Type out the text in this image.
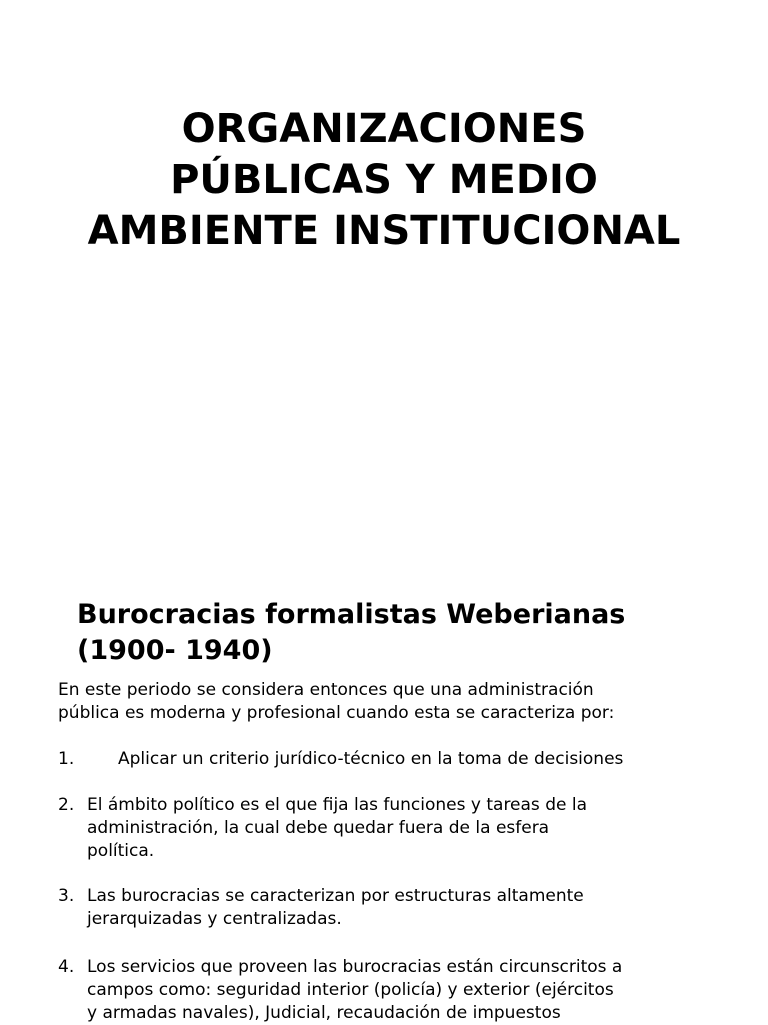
ORGANIZACIONES
PÚBLICAS Y MEDIO
AMBIENTE INSTITUCIONAL
Burocracias formalistas Weberianas
(1900- 1940)

En este periodo se considera entonces que una administración
pública es moderna y profesional cuando esta se caracteriza por:

1.	Aplicar un criterio jurídico-técnico en la toma de decisiones
2. El ámbito político es el que fija las funciones y tareas de la
administración, la cual debe quedar fuera de la esfera
política.
3. Las burocracias se caracterizan por estructuras altamente
jerarquizadas y centralizadas.
4. Los servicios que proveen las burocracias están circunscritos a
campos como: seguridad interior (policía) y exterior (ejércitos
y armadas navales), Judicial, recaudación de impuestos
